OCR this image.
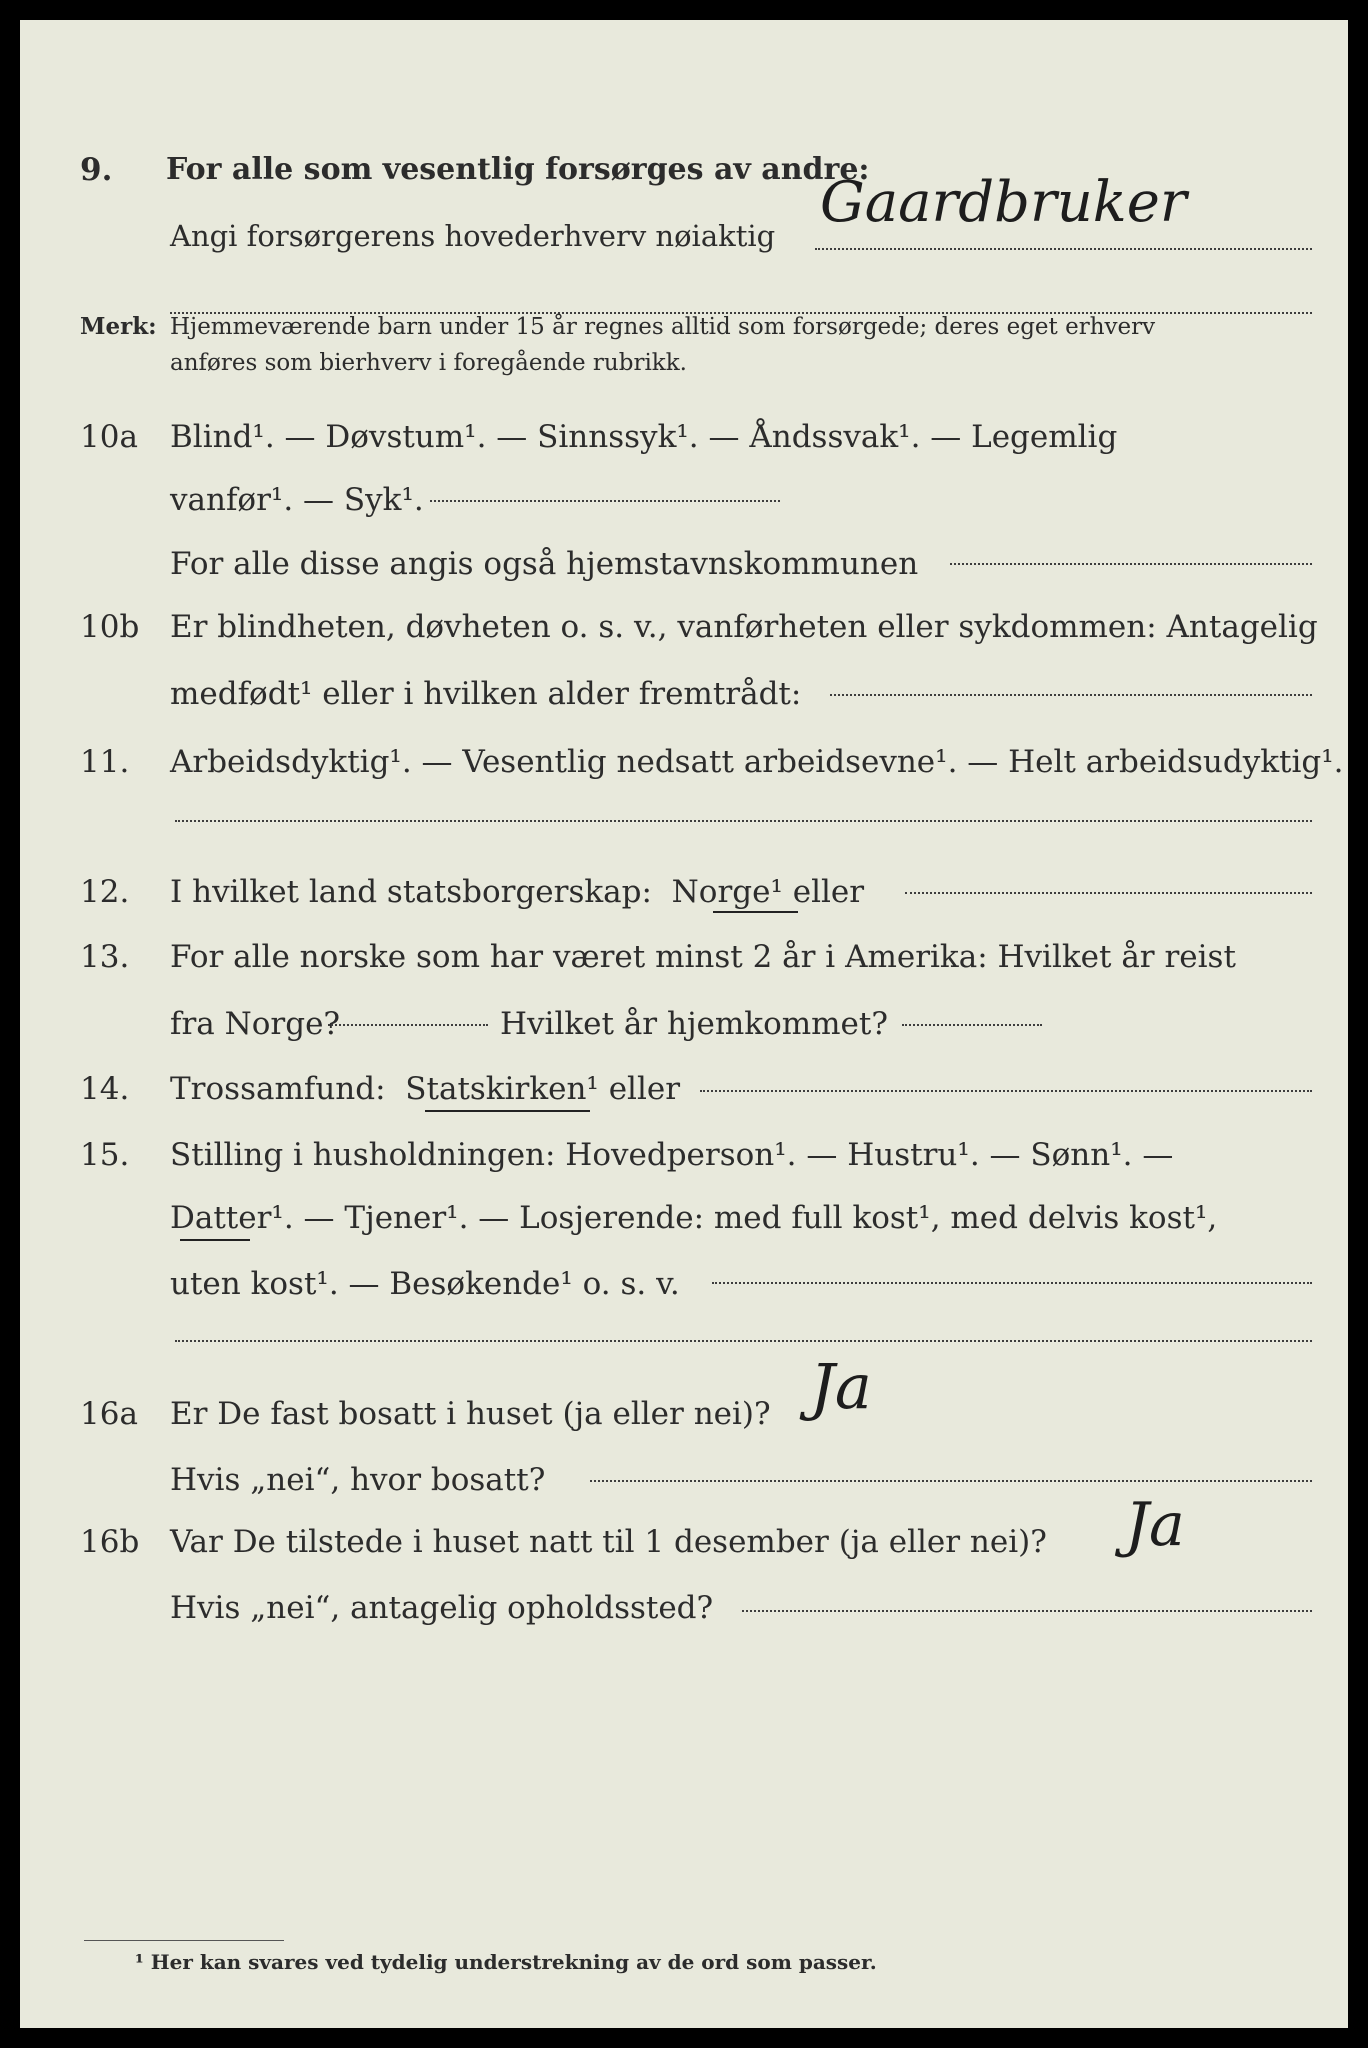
9. For alle som vesentlig forsørges av andre:
Angi forsørgerens hovederhverv nøiaktig
Gaardbruker
Merk: Hjemmeværende barn under 15 år regnes alltid som forsørgede; deres eget erhverv
anføres som bierhverv i foregående rubrikk.
10a Blind¹. — Døvstum¹. — Sinnssyk¹. — Åndssvak¹. — Legemlig
vanfør¹. — Syk¹.
For alle disse angis også hjemstavnskommunen
10b Er blindheten, døvheten o. s. v., vanførheten eller sykdommen: Antagelig
medfødt¹ eller i hvilken alder fremtrådt:
11. Arbeidsdyktig¹. — Vesentlig nedsatt arbeidsevne¹. — Helt arbeidsudyktig¹.
12. I hvilket land statsborgerskap: Norge¹ eller
13. For alle norske som har været minst 2 år i Amerika: Hvilket år reist
fra Norge?	Hvilket år hjemkommet?
14. Trossamfund: Statskirken¹ eller
15. Stilling i husholdningen: Hovedperson¹. — Hustru¹. — Sønn¹. —
Datter¹. — Tjener¹. — Losjerende: med full kost¹, med delvis kost¹,
uten kost¹. — Besøkende¹ o. s. v.
16a Er De fast bosatt i huset (ja eller nei)? Ja
Hvis „nei“, hvor bosatt?
16b Var De tilstede i huset natt til 1 desember (ja eller nei)? Ja
Hvis „nei“, antagelig opholdssted?
¹ Her kan svares ved tydelig understrekning av de ord som passer.
